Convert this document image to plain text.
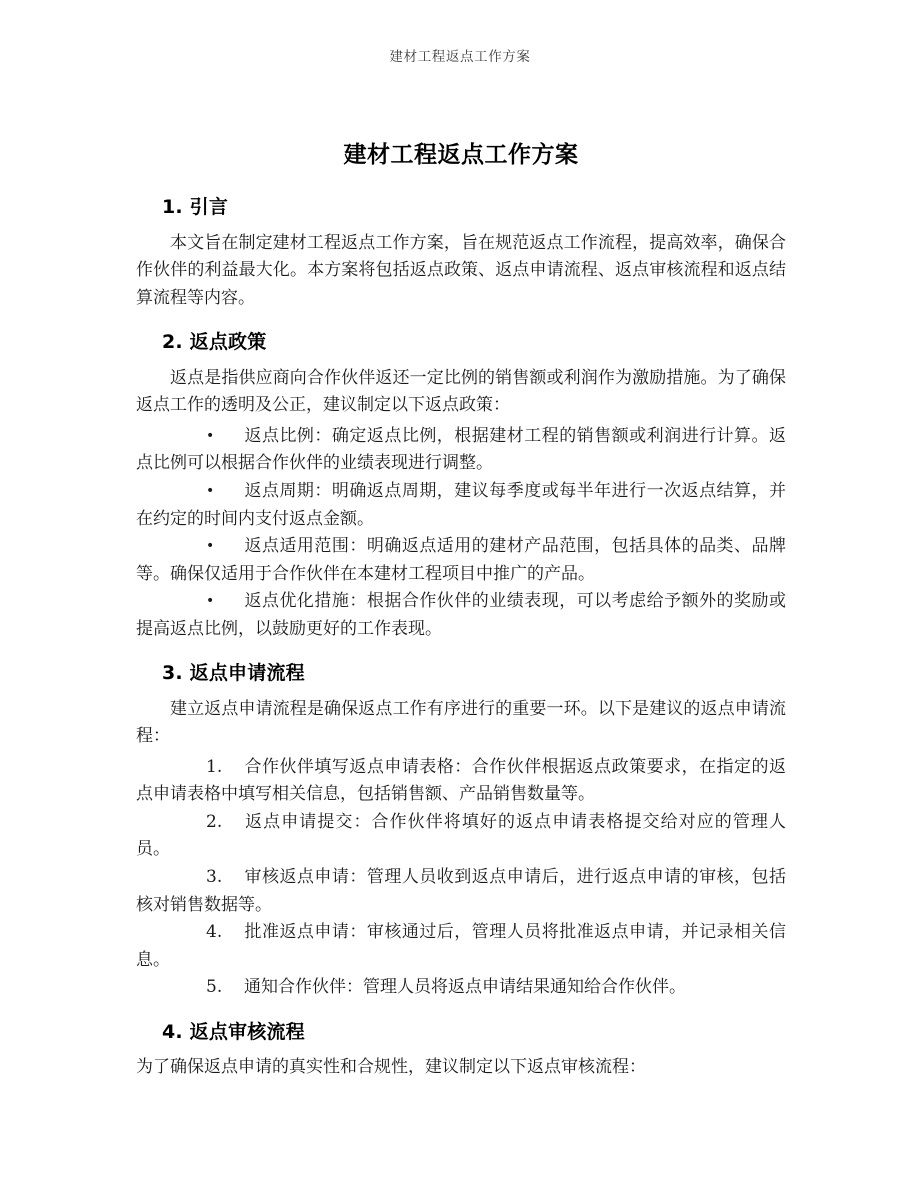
建材工程返点工作方案
建材工程返点工作方案
1. 引言

本文旨在制定建材工程返点工作方案，旨在规范返点工作流程，提高效率，确保合作伙伴的利益最大化。本方案将包括返点政策、返点申请流程、返点审核流程和返点结算流程等内容。

2. 返点政策

返点是指供应商向合作伙伴返还一定比例的销售额或利润作为激励措施。为了确保返点工作的透明及公正，建议制定以下返点政策：

• 返点比例：确定返点比例，根据建材工程的销售额或利润进行计算。返点比例可以根据合作伙伴的业绩表现进行调整。
• 返点周期：明确返点周期，建议每季度或每半年进行一次返点结算，并在约定的时间内支付返点金额。
• 返点适用范围：明确返点适用的建材产品范围，包括具体的品类、品牌等。确保仅适用于合作伙伴在本建材工程项目中推广的产品。
• 返点优化措施：根据合作伙伴的业绩表现，可以考虑给予额外的奖励或提高返点比例，以鼓励更好的工作表现。
3. 返点申请流程

建立返点申请流程是确保返点工作有序进行的重要一环。以下是建议的返点申请流程：

1. 合作伙伴填写返点申请表格：合作伙伴根据返点政策要求，在指定的返点申请表格中填写相关信息，包括销售额、产品销售数量等。
2. 返点申请提交：合作伙伴将填好的返点申请表格提交给对应的管理人员。
3. 审核返点申请：管理人员收到返点申请后，进行返点申请的审核，包括核对销售数据等。
4. 批准返点申请：审核通过后，管理人员将批准返点申请，并记录相关信息。
5. 通知合作伙伴：管理人员将返点申请结果通知给合作伙伴。
4. 返点审核流程

为了确保返点申请的真实性和合规性，建议制定以下返点审核流程：
